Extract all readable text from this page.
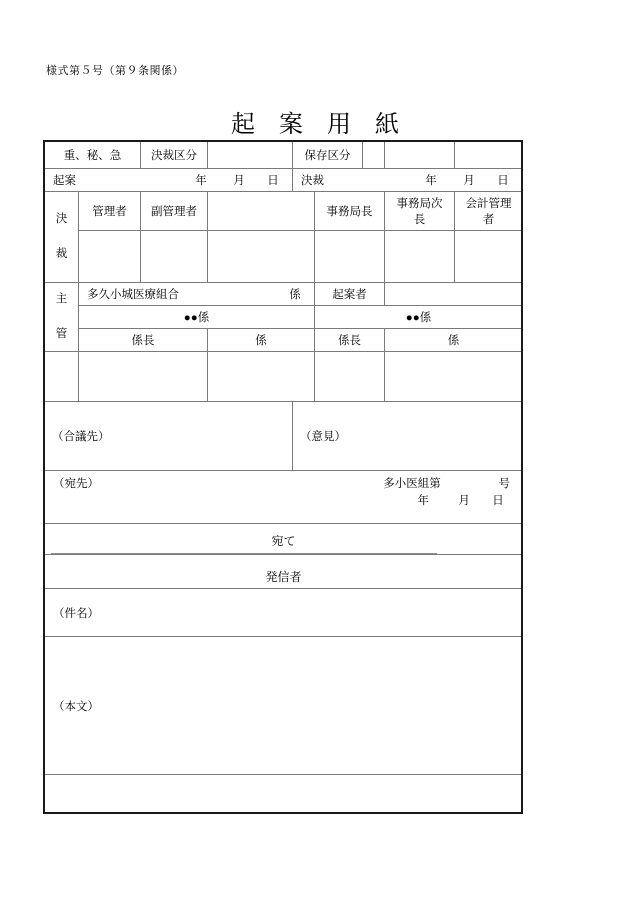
様式第５号（第９条関係）
起 案 用 紙
重、秘、急		決裁区分		保存区分				

起案 年 月 日				決裁 年 月 日				

決
裁	管理者	副管理者			事務局長		事務局次長	会計管理者

主
管	多久小城医療組合 係				起案者			

	●●係				●●係			

	係長		係		係長		係	

（合議先）				（意見）				

（宛先） 多小医組第 号
年 月 日								

宛て								

発信者								

（件名）								

（本文）								
